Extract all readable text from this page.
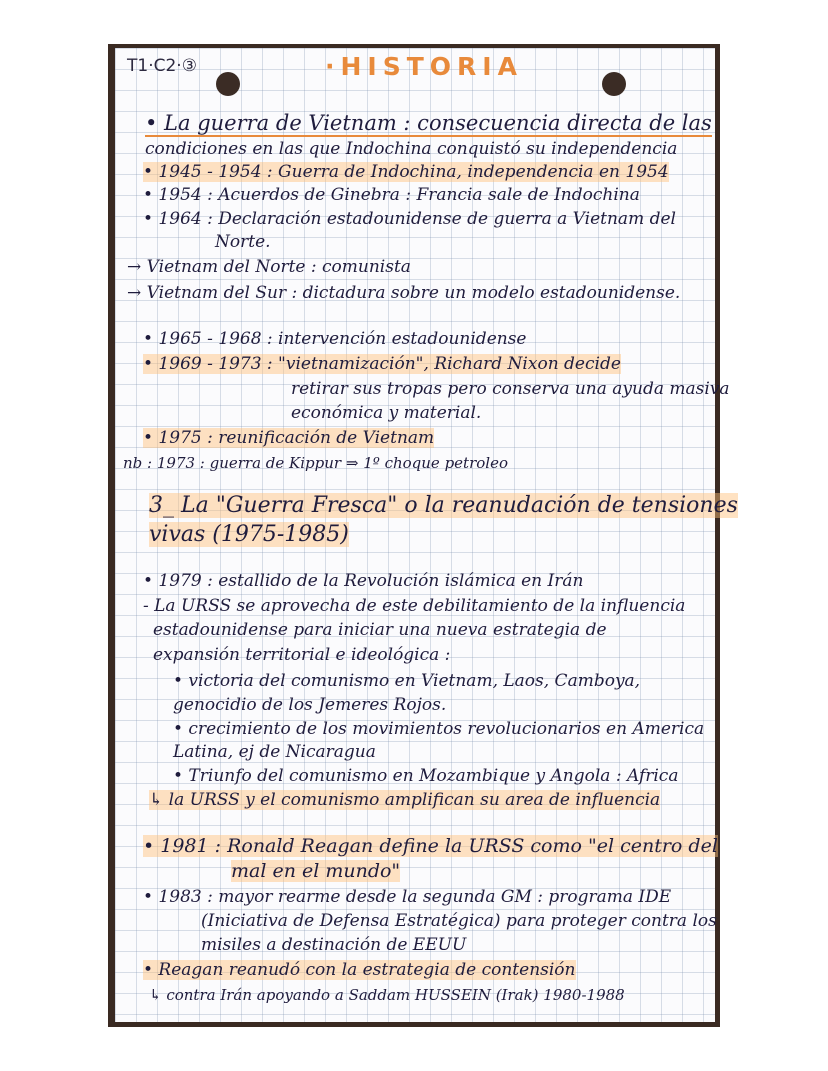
T1·C2·③	·HISTORIA
• La guerra de Vietnam : consecuencia directa de las
condiciones en las que Indochina conquistó su independencia
• 1945 - 1954 : Guerra de Indochina, independencia en 1954
• 1954 : Acuerdos de Ginebra : Francia sale de Indochina
• 1964 : Declaración estadounidense de guerra a Vietnam del
Norte.
→ Vietnam del Norte : comunista
→ Vietnam del Sur : dictadura sobre un modelo estadounidense.
• 1965 - 1968 : intervención estadounidense
• 1969 - 1973 : "vietnamización", Richard Nixon decide
retirar sus tropas pero conserva una ayuda masiva
económica y material.
• 1975 : reunificación de Vietnam
nb : 1973 : guerra de Kippur ⇒ 1º choque petroleo
3_ La "Guerra Fresca" o la reanudación de tensiones
vivas (1975-1985)
• 1979 : estallido de la Revolución islámica en Irán
- La URSS se aprovecha de este debilitamiento de la influencia
estadounidense para iniciar una nueva estrategia de
expansión territorial e ideológica :
• victoria del comunismo en Vietnam, Laos, Camboya,
genocidio de los Jemeres Rojos.
• crecimiento de los movimientos revolucionarios en America
Latina, ej de Nicaragua
• Triunfo del comunismo en Mozambique y Angola : Africa
↳ la URSS y el comunismo amplifican su area de influencia
• 1981 : Ronald Reagan define la URSS como "el centro del
mal en el mundo"
• 1983 : mayor rearme desde la segunda GM : programa IDE
(Iniciativa de Defensa Estratégica) para proteger contra los
misiles a destinación de EEUU
• Reagan reanudó con la estrategia de contensión
↳ contra Irán apoyando a Saddam HUSSEIN (Irak) 1980-1988
